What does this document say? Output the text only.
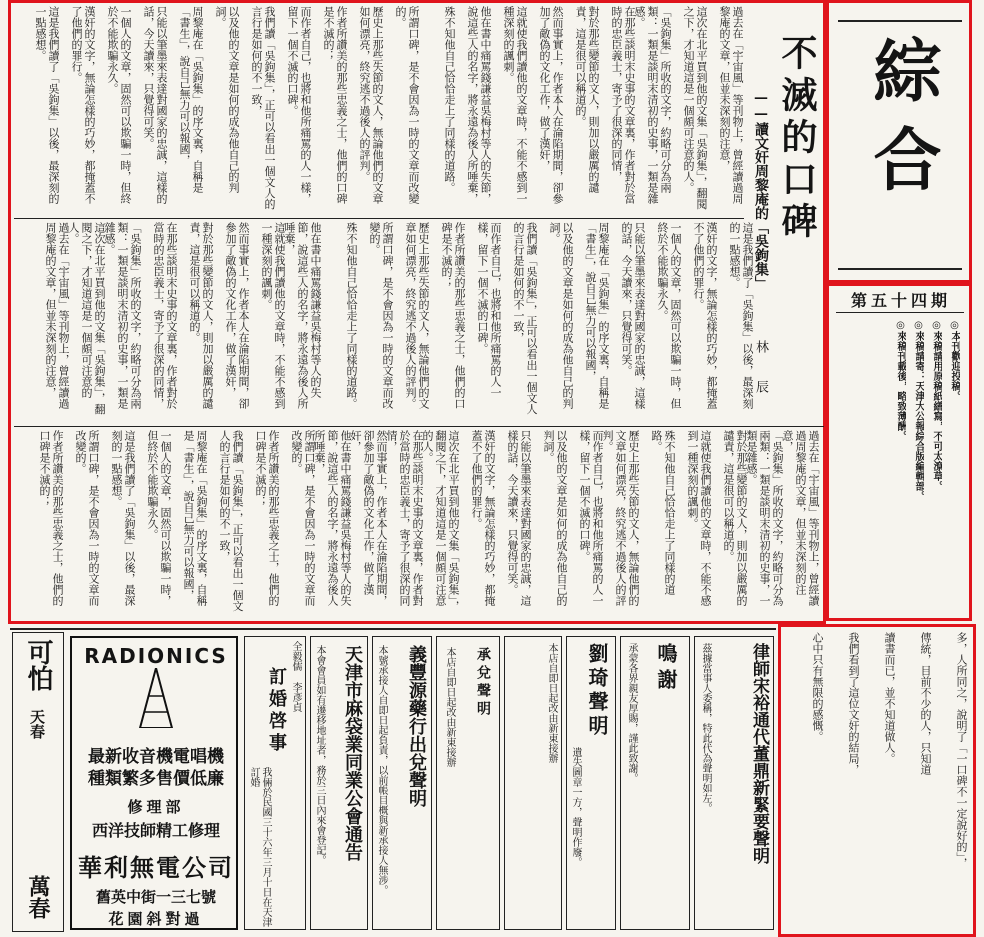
綜合
第五十四期
◎本刊歡迎投稿。
◎來稿請用原稿紙繕寫，不可太潦草。
◎來稿請寄：天津大公報綜合版編輯部。
◎來稿刊載後，略致薄酬。
不滅的口碑
——讀文奸周黎庵的「吳鉤集」
林 辰
過去在「宇宙風」等刊物上，曾經讀過周黎庵的文章，但並未深刻的注意，
這次在北平買到他的文集「吳鉤集」，翻閱之下，才知道這是一個頗可注意的人。
「吳鉤集」所收的文字，約略可分為兩類：一類是談明末清初的史事，一類是雜感。
在那些談明末史事的文章裏，作者對於當時的忠臣義士，寄予了很深的同情，
對於那些變節的文人，則加以嚴厲的譴責，這是很可以稱道的。
然而事實上，作者本人在淪陷期間，卻參加了敵偽的文化工作，做了漢奸，
這就使我們讀他的文章時，不能不感到一種深刻的諷刺。
他在書中痛罵錢謙益吳梅村等人的失節，說這些人的名字，將永遠為後人所唾棄，
殊不知他自己恰恰走上了同樣的道路。
所謂口碑，是不會因為一時的文章而改變的。
歷史上那些失節的文人，無論他們的文章如何漂亮，終究逃不過後人的評判。
作者所讚美的那些忠義之士，他們的口碑是不滅的；
而作者自己，也將和他所痛罵的人一樣，留下一個不滅的口碑。
我們讀「吳鉤集」，正可以看出一個文人的言行是如何的不一致，
以及他的文章是如何的成為他自己的判詞。
周黎庵在「吳鉤集」的序文裏，自稱是「書生」，說自己無力可以報國，
只能以筆墨來表達對國家的忠誠，這樣的話，今天讀來，只覺得可笑。
一個人的文章，固然可以欺騙一時，但終於不能欺騙永久。
漢奸的文字，無論怎樣的巧妙，都掩蓋不了他們的罪行。
這是我們讀了「吳鉤集」以後，最深刻的一點感想。
這是我們讀了「吳鉤集」以後，最深刻的一點感想。
漢奸的文字，無論怎樣的巧妙，都掩蓋不了他們的罪行。
一個人的文章，固然可以欺騙一時，但終於不能欺騙永久。
只能以筆墨來表達對國家的忠誠，這樣的話，今天讀來，只覺得可笑。
周黎庵在「吳鉤集」的序文裏，自稱是「書生」，說自己無力可以報國，
以及他的文章是如何的成為他自己的判詞。
我們讀「吳鉤集」，正可以看出一個文人的言行是如何的不一致，
而作者自己，也將和他所痛罵的人一樣，留下一個不滅的口碑。
作者所讚美的那些忠義之士，他們的口碑是不滅的；
歷史上那些失節的文人，無論他們的文章如何漂亮，終究逃不過後人的評判。
所謂口碑，是不會因為一時的文章而改變的。
殊不知他自己恰恰走上了同樣的道路。
他在書中痛罵錢謙益吳梅村等人的失節，說這些人的名字，將永遠為後人所唾棄，
這就使我們讀他的文章時，不能不感到一種深刻的諷刺。
然而事實上，作者本人在淪陷期間，卻參加了敵偽的文化工作，做了漢奸，
對於那些變節的文人，則加以嚴厲的譴責，這是很可以稱道的。
在那些談明末史事的文章裏，作者對於當時的忠臣義士，寄予了很深的同情，
「吳鉤集」所收的文字，約略可分為兩類：一類是談明末清初的史事，一類是雜感。
這次在北平買到他的文集「吳鉤集」，翻閱之下，才知道這是一個頗可注意的人。
過去在「宇宙風」等刊物上，曾經讀過周黎庵的文章，但並未深刻的注意，
過去在「宇宙風」等刊物上，曾經讀過周黎庵的文章，但並未深刻的注意，
「吳鉤集」所收的文字，約略可分為兩類：一類是談明末清初的史事，一類是雜感。
對於那些變節的文人，則加以嚴厲的譴責，這是很可以稱道的。
這就使我們讀他的文章時，不能不感到一種深刻的諷刺。
殊不知他自己恰恰走上了同樣的道路。
歷史上那些失節的文人，無論他們的文章如何漂亮，終究逃不過後人的評判。
而作者自己，也將和他所痛罵的人一樣，留下一個不滅的口碑。
以及他的文章是如何的成為他自己的判詞。
只能以筆墨來表達對國家的忠誠，這樣的話，今天讀來，只覺得可笑。
漢奸的文字，無論怎樣的巧妙，都掩蓋不了他們的罪行。
這次在北平買到他的文集「吳鉤集」，翻閱之下，才知道這是一個頗可注意的人。
在那些談明末史事的文章裏，作者對於當時的忠臣義士，寄予了很深的同情，
然而事實上，作者本人在淪陷期間，卻參加了敵偽的文化工作，做了漢奸，
他在書中痛罵錢謙益吳梅村等人的失節，說這些人的名字，將永遠為後人所唾棄，
所謂口碑，是不會因為一時的文章而改變的。
作者所讚美的那些忠義之士，他們的口碑是不滅的；
我們讀「吳鉤集」，正可以看出一個文人的言行是如何的不一致，
周黎庵在「吳鉤集」的序文裏，自稱是「書生」，說自己無力可以報國，
一個人的文章，固然可以欺騙一時，但終於不能欺騙永久。
這是我們讀了「吳鉤集」以後，最深刻的一點感想。
所謂口碑，是不會因為一時的文章而改變的。
作者所讚美的那些忠義之士，他們的口碑是不滅的；
多，人所同之，說明了「一口碑不一定說好的」，
傳統，目前不少的人，只知道
讀書而已，並不知道做人。
我們看到了這位文奸的結局，
心中只有無限的感慨。
可怕
天春
萬春
RADIONICS
最新收音機電唱機
種類繁多售價低廉
修理部
西洋技師精工修理
華利無電公司
舊英中街一三七號
花園斜對過
訂婚啓事 全毅儒 李彥貞
我倆於民國三十六年三月十日在天津訂婚	天津市麻袋業同業公會通告
本會會員如有遷移地址者，務於三日內來會登記。	義豐源藥行出兌聲明
本號承接人自即日起負責，以前帳目概與新承接人無涉。	承兌聲明
本店自即日起改由新東接辦	本店自即日起改由新東接辦 劉琦聲明
遺失圖章一方，聲明作廢。
鳴謝
承蒙各界親友厚賜，謹此致謝。	律師宋裕通代董鼎新緊要聲明
茲據當事人委稱，特此代為聲明如左。
